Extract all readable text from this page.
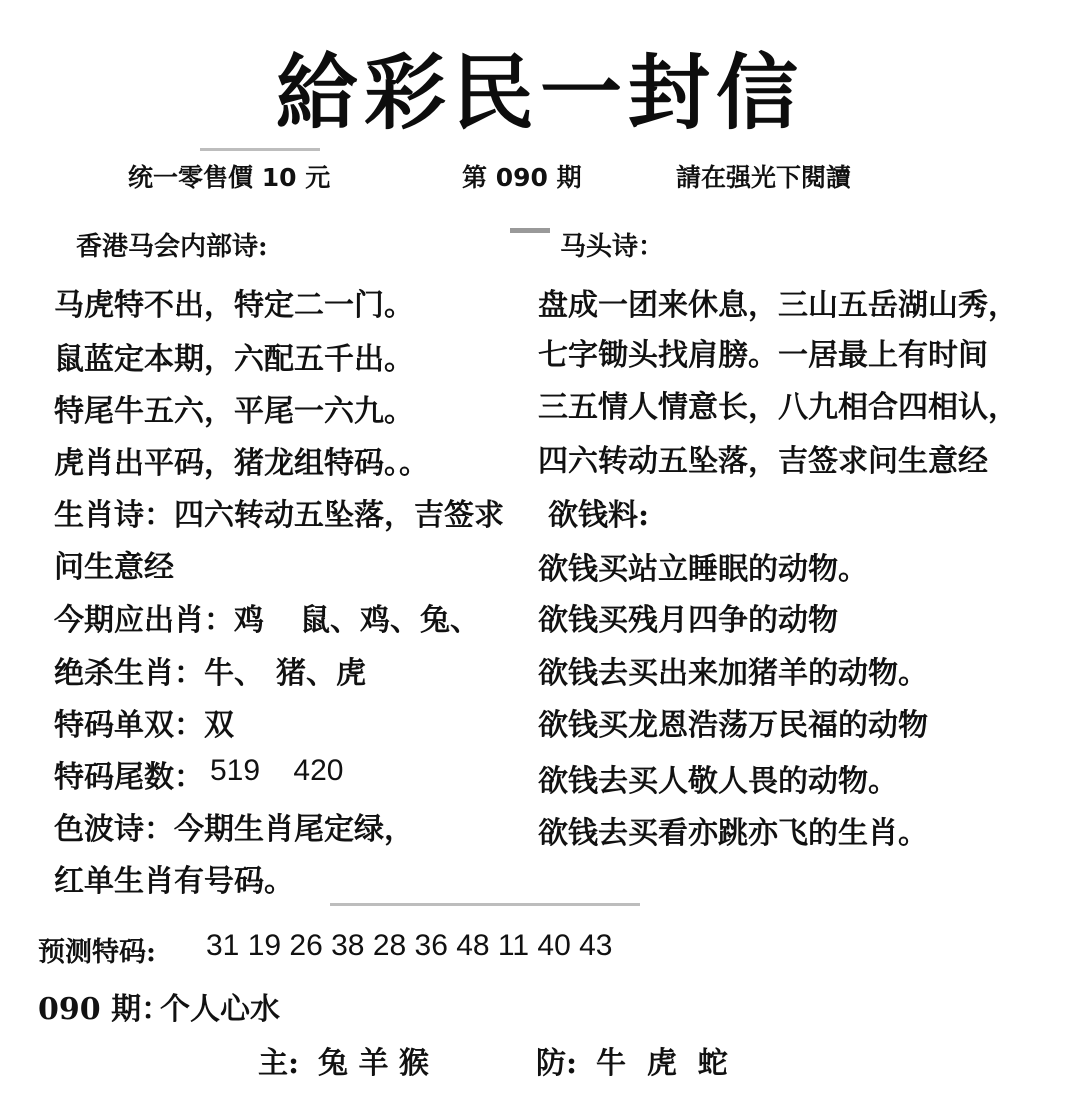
給彩民一封信
统一零售價 10 元	第 090 期	請在强光下閱讀
香港马会内部诗:
马虎特不出，特定二一门。
鼠蓝定本期，六配五千出。
特尾牛五六，平尾一六九。
虎肖出平码，猪龙组特码。。
生肖诗：四六转动五坠落，吉签求
问生意经
今期应出肖：鸡 鼠、鸡、兔、
绝杀生肖：牛、 猪、虎
特码单双：双
特码尾数： 519    420
色波诗：今期生肖尾定绿，
红单生肖有号码。
马头诗：
盘成一团来休息，三山五岳湖山秀，
七字锄头找肩膀。一居最上有时间
三五情人情意长，八九相合四相认，
四六转动五坠落，吉签求问生意经
欲钱料:
欲钱买站立睡眠的动物。
欲钱买残月四争的动物
欲钱去买出来加猪羊的动物。
欲钱买龙恩浩荡万民福的动物
欲钱去买人敬人畏的动物。
欲钱去买看亦跳亦飞的生肖。
预测特码: 31 19 26 38 28 36 48 11 40 43
090 期：
个人心水
主: 兔 羊 猴	防: 牛  虎  蛇
